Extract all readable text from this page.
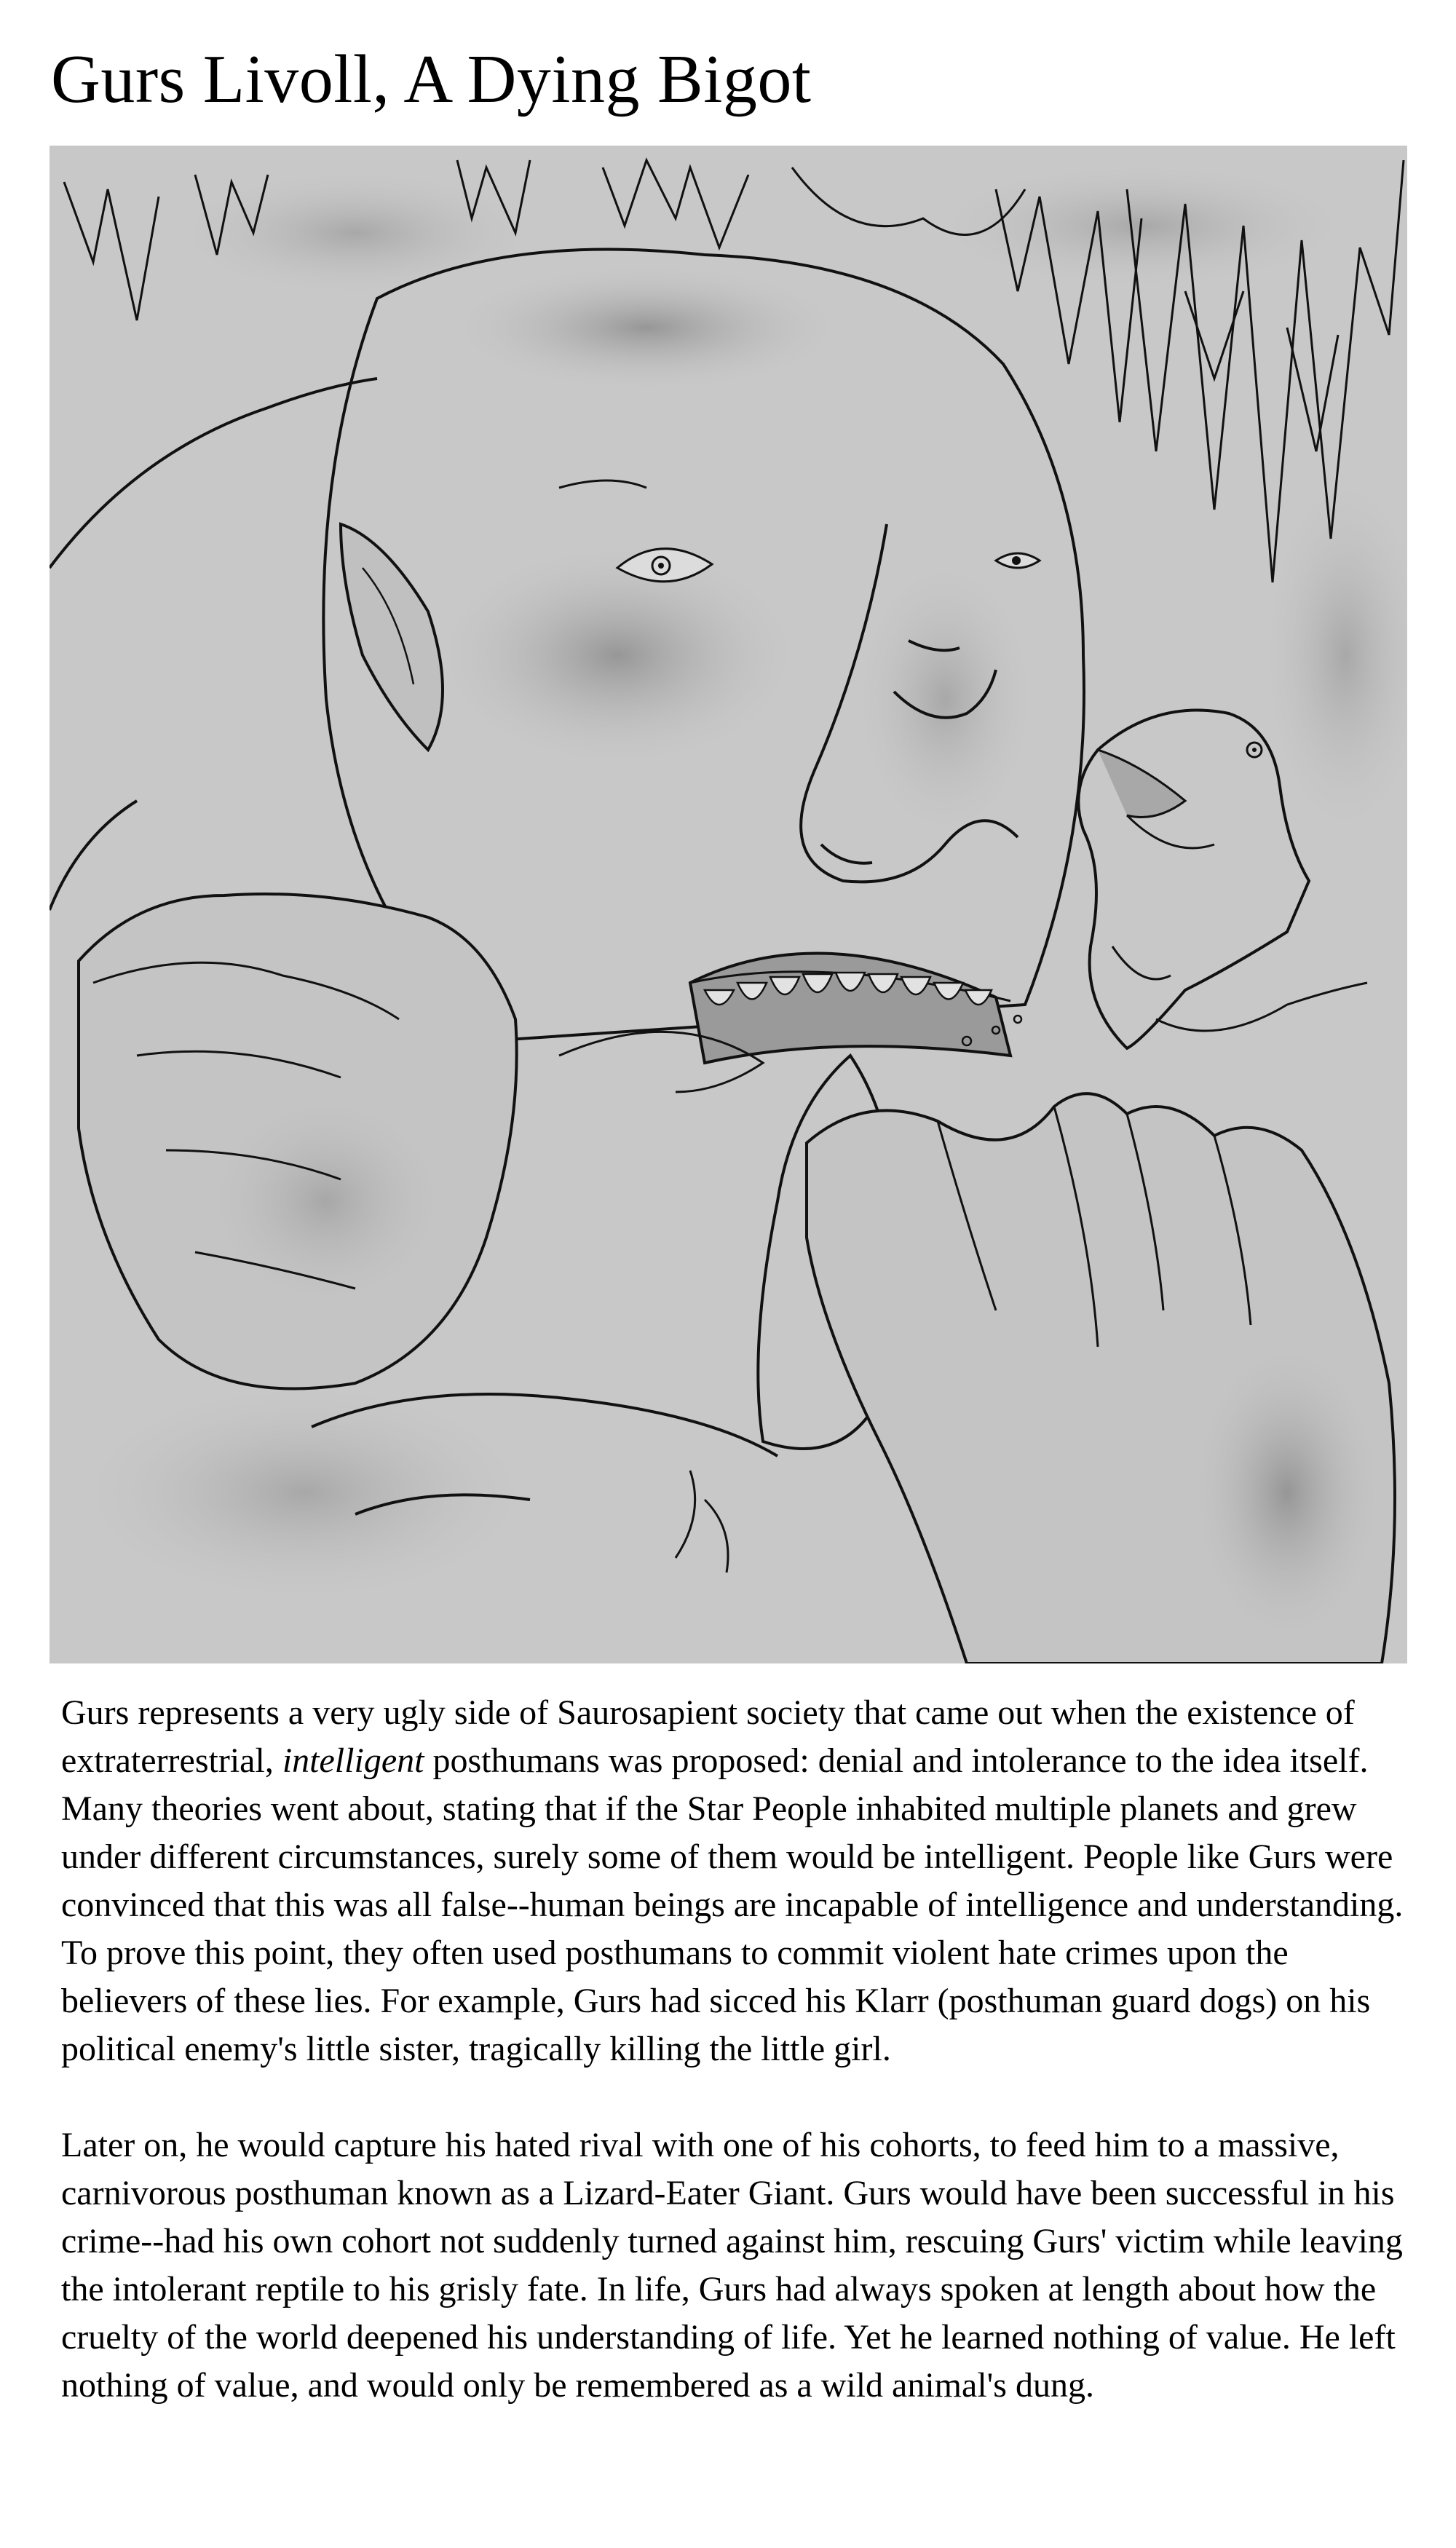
Gurs Livoll, A Dying Bigot

Gurs represents a very ugly side of Saurosapient society that came out when the existence of extraterrestrial, intelligent posthumans was proposed: denial and intolerance to the idea itself. Many theories went about, stating that if the Star People inhabited multiple planets and grew under different circumstances, surely some of them would be intelligent. People like Gurs were convinced that this was all false--human beings are incapable of intelligence and understanding. To prove this point, they often used posthumans to commit violent hate crimes upon the believers of these lies. For example, Gurs had sicced his Klarr (posthuman guard dogs) on his political enemy's little sister, tragically killing the little girl.

Later on, he would capture his hated rival with one of his cohorts, to feed him to a massive, carnivorous posthuman known as a Lizard-Eater Giant. Gurs would have been successful in his crime--had his own cohort not suddenly turned against him, rescuing Gurs' victim while leaving the intolerant reptile to his grisly fate. In life, Gurs had always spoken at length about how the cruelty of the world deepened his understanding of life. Yet he learned nothing of value. He left nothing of value, and would only be remembered as a wild animal's dung.
